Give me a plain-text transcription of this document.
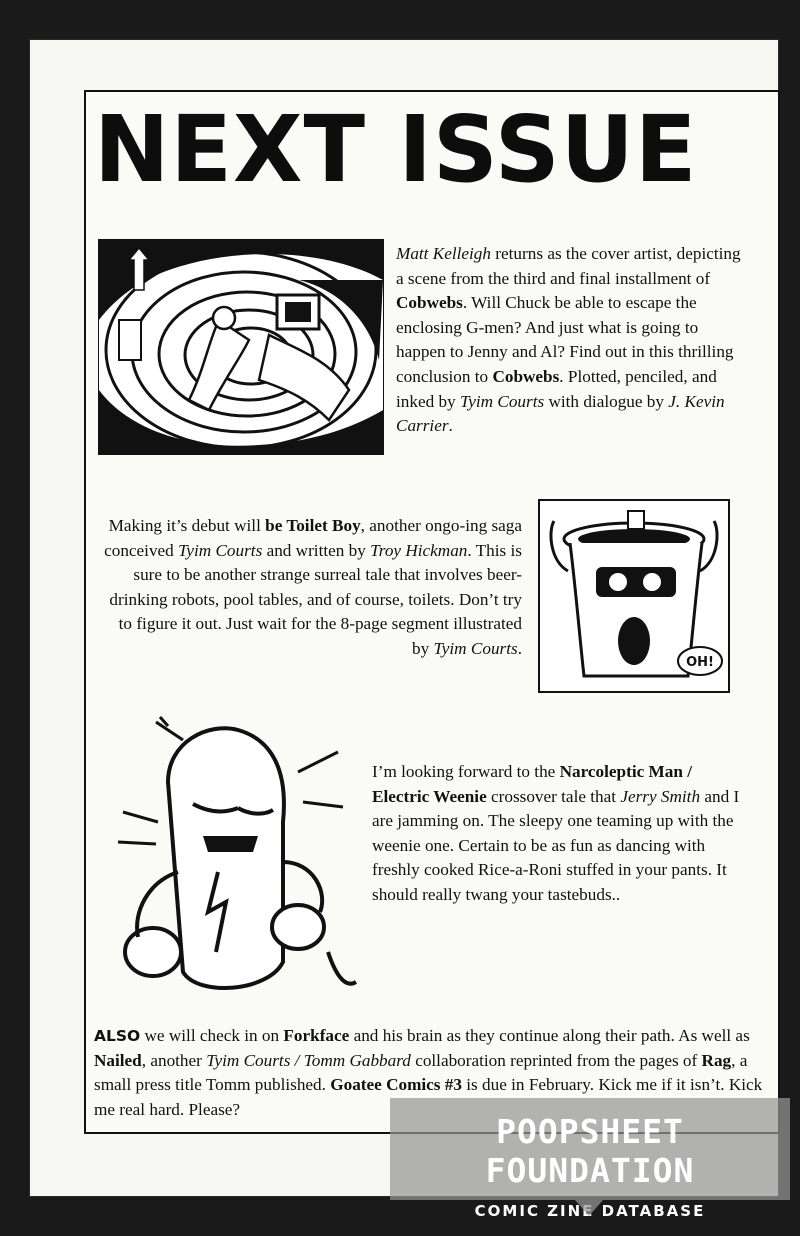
NEXT ISSUE

Matt Kelleigh returns as the cover artist, depicting a scene from the third and final installment of Cobwebs. Will Chuck be able to escape the enclosing G-men? And just what is going to happen to Jenny and Al? Find out in this thrilling conclusion to Cobwebs. Plotted, penciled, and inked by Tyim Courts with dialogue by J. Kevin Carrier.

Making it’s debut will be Toilet Boy, another ongo-ing saga conceived Tyim Courts and written by Troy Hickman. This is sure to be another strange surreal tale that involves beer-drinking robots, pool tables, and of course, toilets. Don’t try to figure it out. Just wait for the 8-page segment illustrated by Tyim Courts.

OH!

I’m looking forward to the Narcoleptic Man / Electric Weenie crossover tale that Jerry Smith and I are jamming on. The sleepy one teaming up with the weenie one. Certain to be as fun as dancing with freshly cooked Rice-a-Roni stuffed in your pants. It should really twang your tastebuds..

ALSO we will check in on Forkface and his brain as they continue along their path. As well as Nailed, another Tyim Courts / Tomm Gabbard collaboration reprinted from the pages of Rag, a small press title Tomm published. Goatee Comics #3 is due in February. Kick me if it isn’t. Kick me real hard. Please?

POOPSHEET FOUNDATION
COMIC ZINE DATABASE
